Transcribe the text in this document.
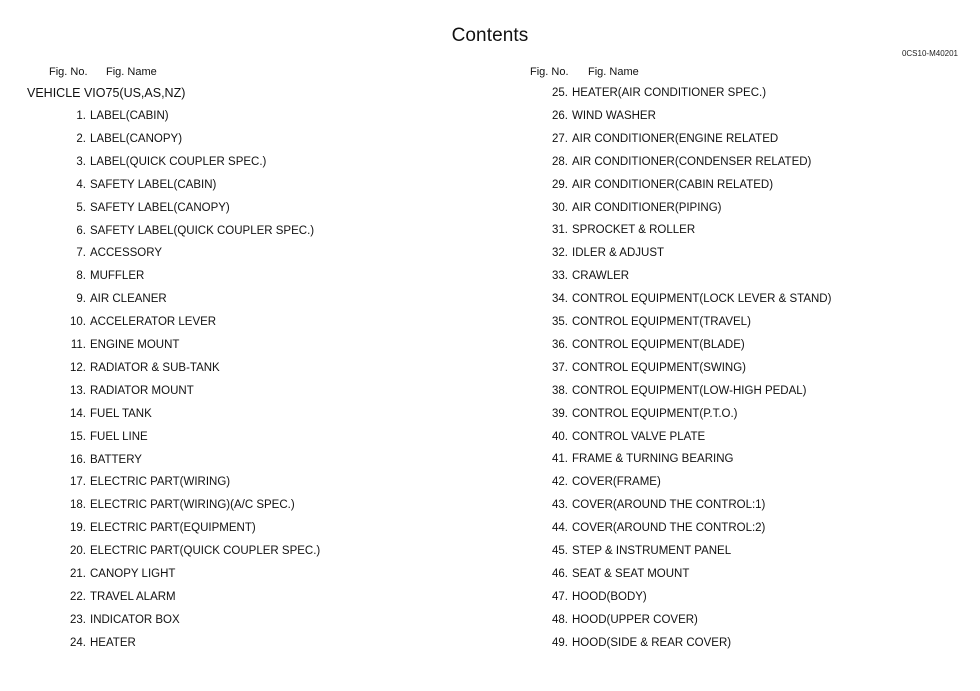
Contents
0CS10-M40201
Fig. No. Fig. Name
VEHICLE VIO75(US,AS,NZ)
1. LABEL(CABIN)
2. LABEL(CANOPY)
3. LABEL(QUICK COUPLER SPEC.)
4. SAFETY LABEL(CABIN)
5. SAFETY LABEL(CANOPY)
6. SAFETY LABEL(QUICK COUPLER SPEC.)
7. ACCESSORY
8. MUFFLER
9. AIR CLEANER
10. ACCELERATOR LEVER
11. ENGINE MOUNT
12. RADIATOR & SUB-TANK
13. RADIATOR MOUNT
14. FUEL TANK
15. FUEL LINE
16. BATTERY
17. ELECTRIC PART(WIRING)
18. ELECTRIC PART(WIRING)(A/C SPEC.)
19. ELECTRIC PART(EQUIPMENT)
20. ELECTRIC PART(QUICK COUPLER SPEC.)
21. CANOPY LIGHT
22. TRAVEL ALARM
23. INDICATOR BOX
24. HEATER
Fig. No. Fig. Name
25. HEATER(AIR CONDITIONER SPEC.)
26. WIND WASHER
27. AIR CONDITIONER(ENGINE RELATED
28. AIR CONDITIONER(CONDENSER RELATED)
29. AIR CONDITIONER(CABIN RELATED)
30. AIR CONDITIONER(PIPING)
31. SPROCKET & ROLLER
32. IDLER & ADJUST
33. CRAWLER
34. CONTROL EQUIPMENT(LOCK LEVER & STAND)
35. CONTROL EQUIPMENT(TRAVEL)
36. CONTROL EQUIPMENT(BLADE)
37. CONTROL EQUIPMENT(SWING)
38. CONTROL EQUIPMENT(LOW-HIGH PEDAL)
39. CONTROL EQUIPMENT(P.T.O.)
40. CONTROL VALVE PLATE
41. FRAME & TURNING BEARING
42. COVER(FRAME)
43. COVER(AROUND THE CONTROL:1)
44. COVER(AROUND THE CONTROL:2)
45. STEP & INSTRUMENT PANEL
46. SEAT & SEAT MOUNT
47. HOOD(BODY)
48. HOOD(UPPER COVER)
49. HOOD(SIDE & REAR COVER)
